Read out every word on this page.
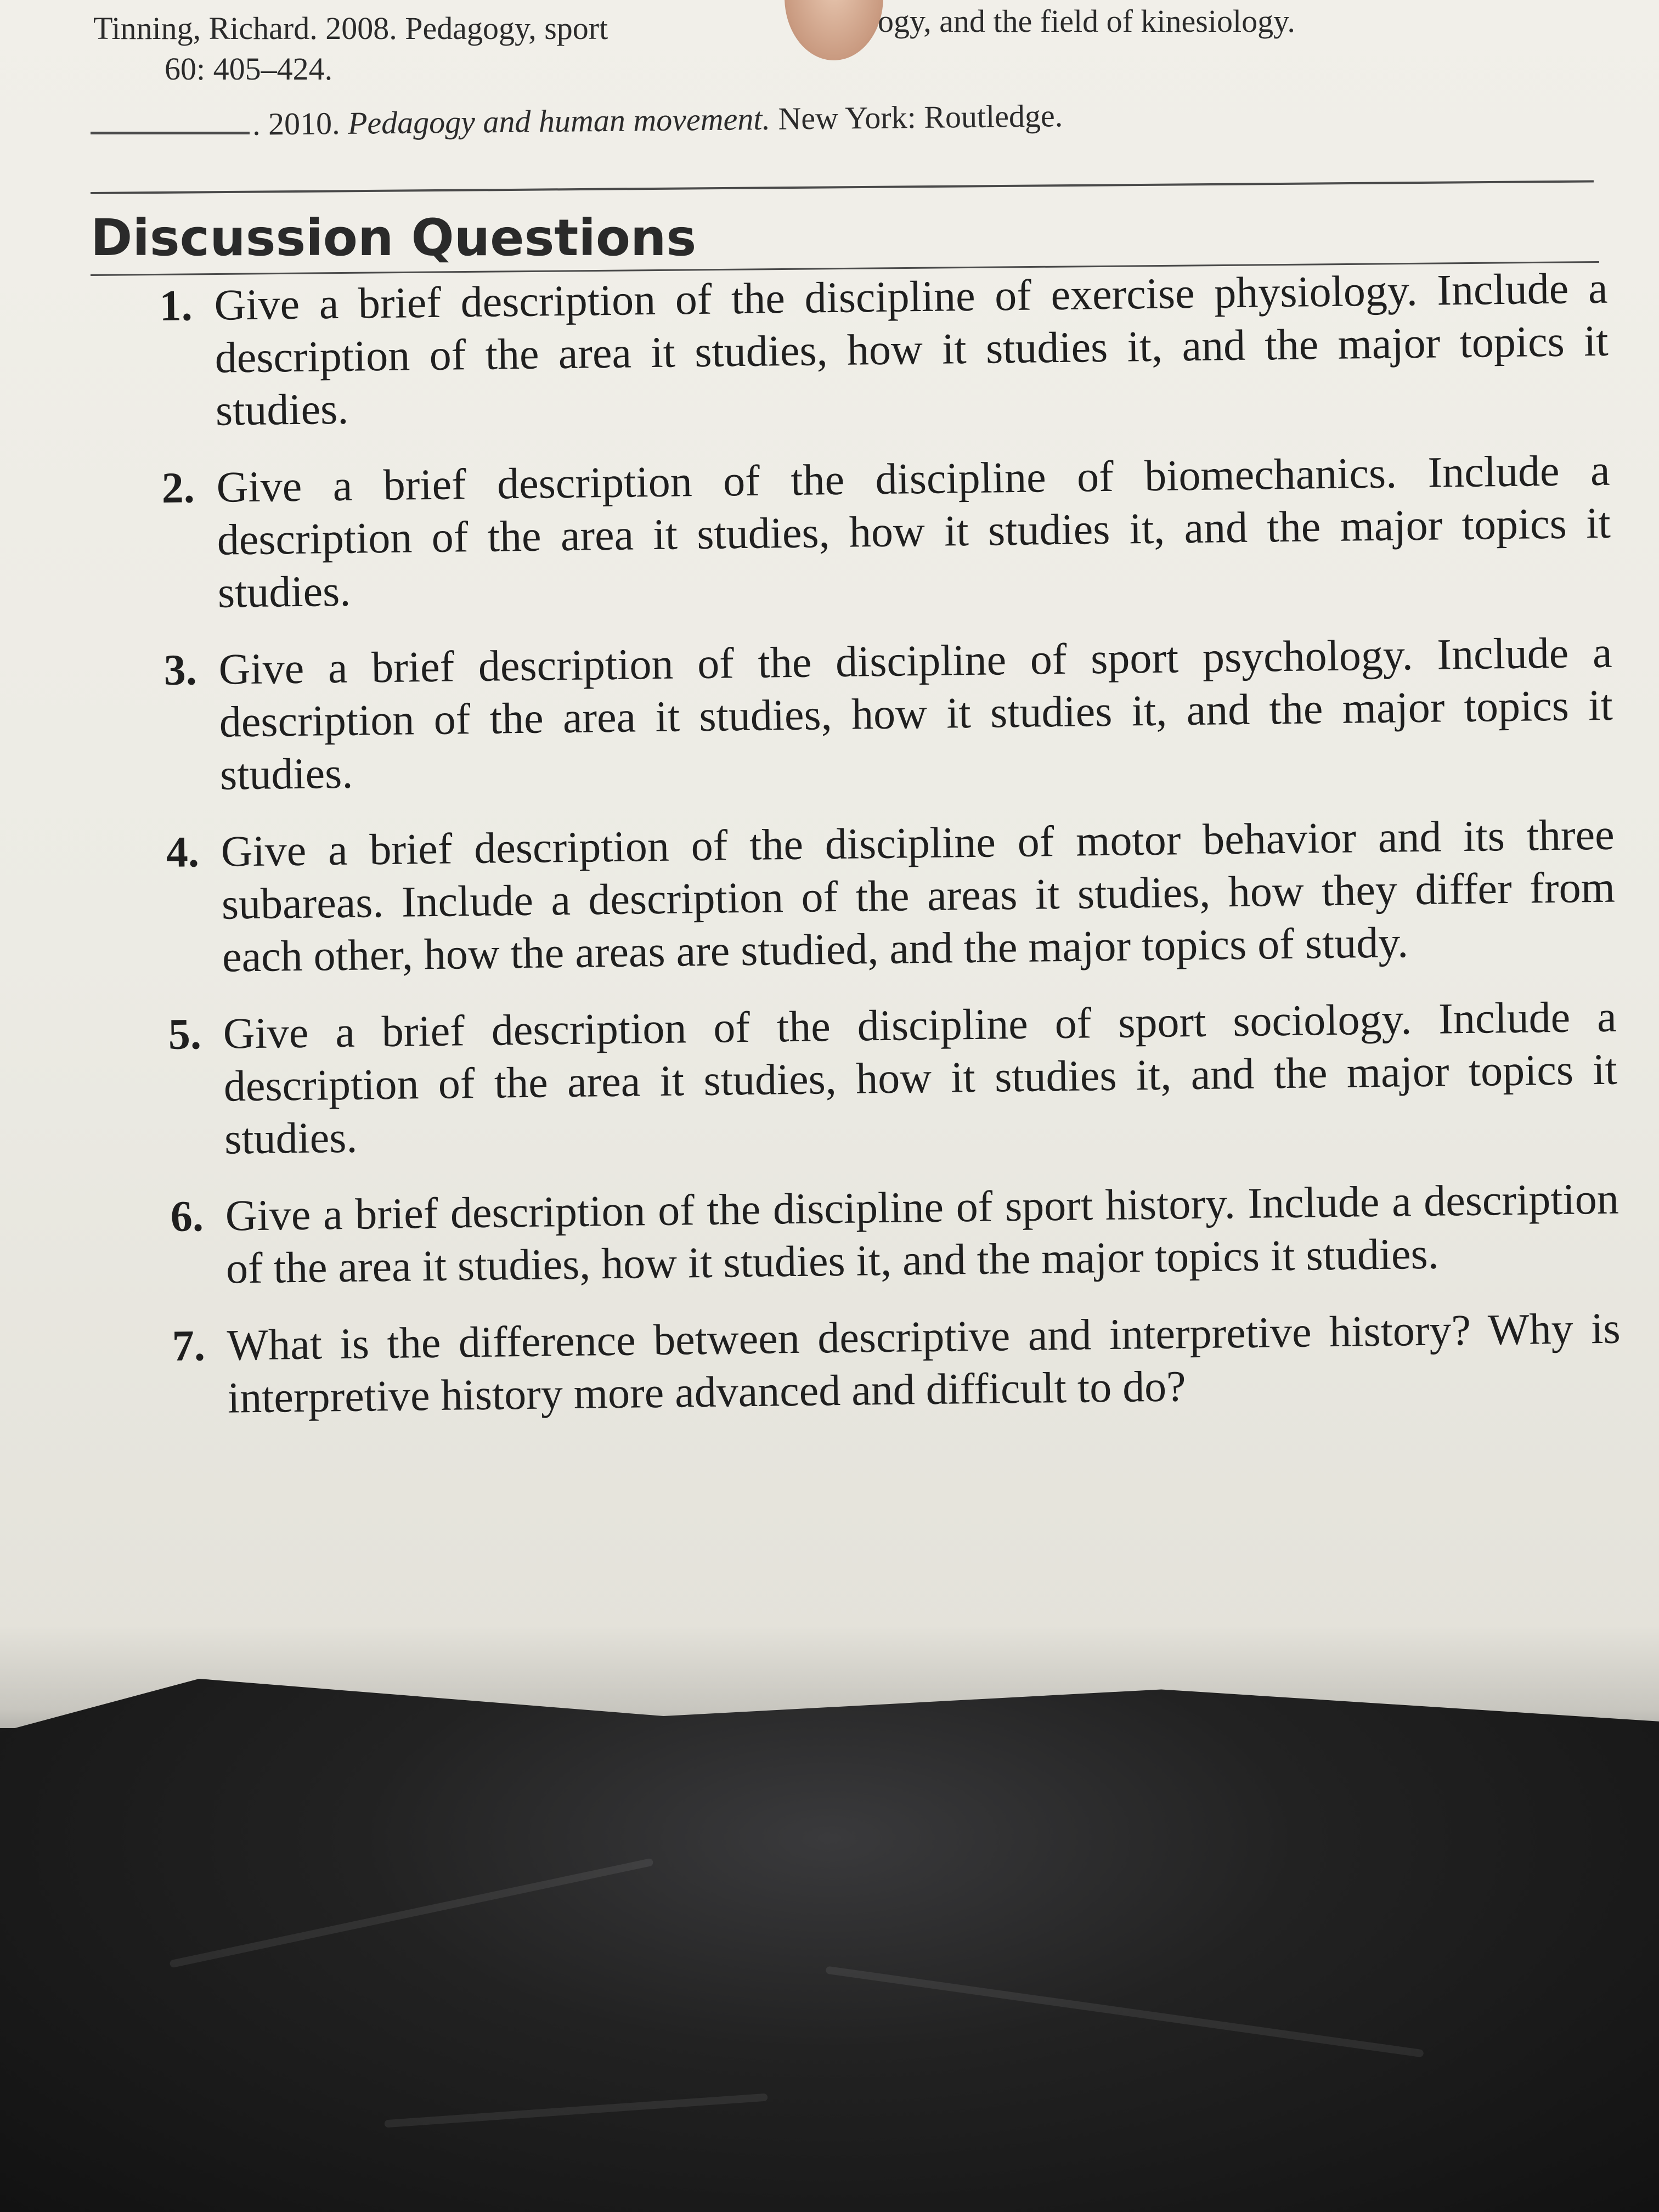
Tinning, Richard. 2008. Pedagogy, sport	ogy, and the field of kinesiology.
60: 405–424.
. 2010. Pedagogy and human movement. New York: Routledge.
Discussion Questions
1. Give a brief description of the discipline of exercise physiology. Include a description of the area it studies, how it studies it, and the major topics it studies.
2. Give a brief description of the discipline of biomechanics. Include a description of the area it studies, how it studies it, and the major topics it studies.
3. Give a brief description of the discipline of sport psychology. Include a description of the area it studies, how it studies it, and the major topics it studies.
4. Give a brief description of the discipline of motor behavior and its three subareas. Include a description of the areas it studies, how they differ from each other, how the areas are studied, and the major topics of study.
5. Give a brief description of the discipline of sport sociology. Include a description of the area it studies, how it studies it, and the major topics it studies.
6. Give a brief description of the discipline of sport history. Include a description of the area it studies, how it studies it, and the major topics it studies.
7. What is the difference between descriptive and interpretive history? Why is interpretive history more advanced and difficult to do?
